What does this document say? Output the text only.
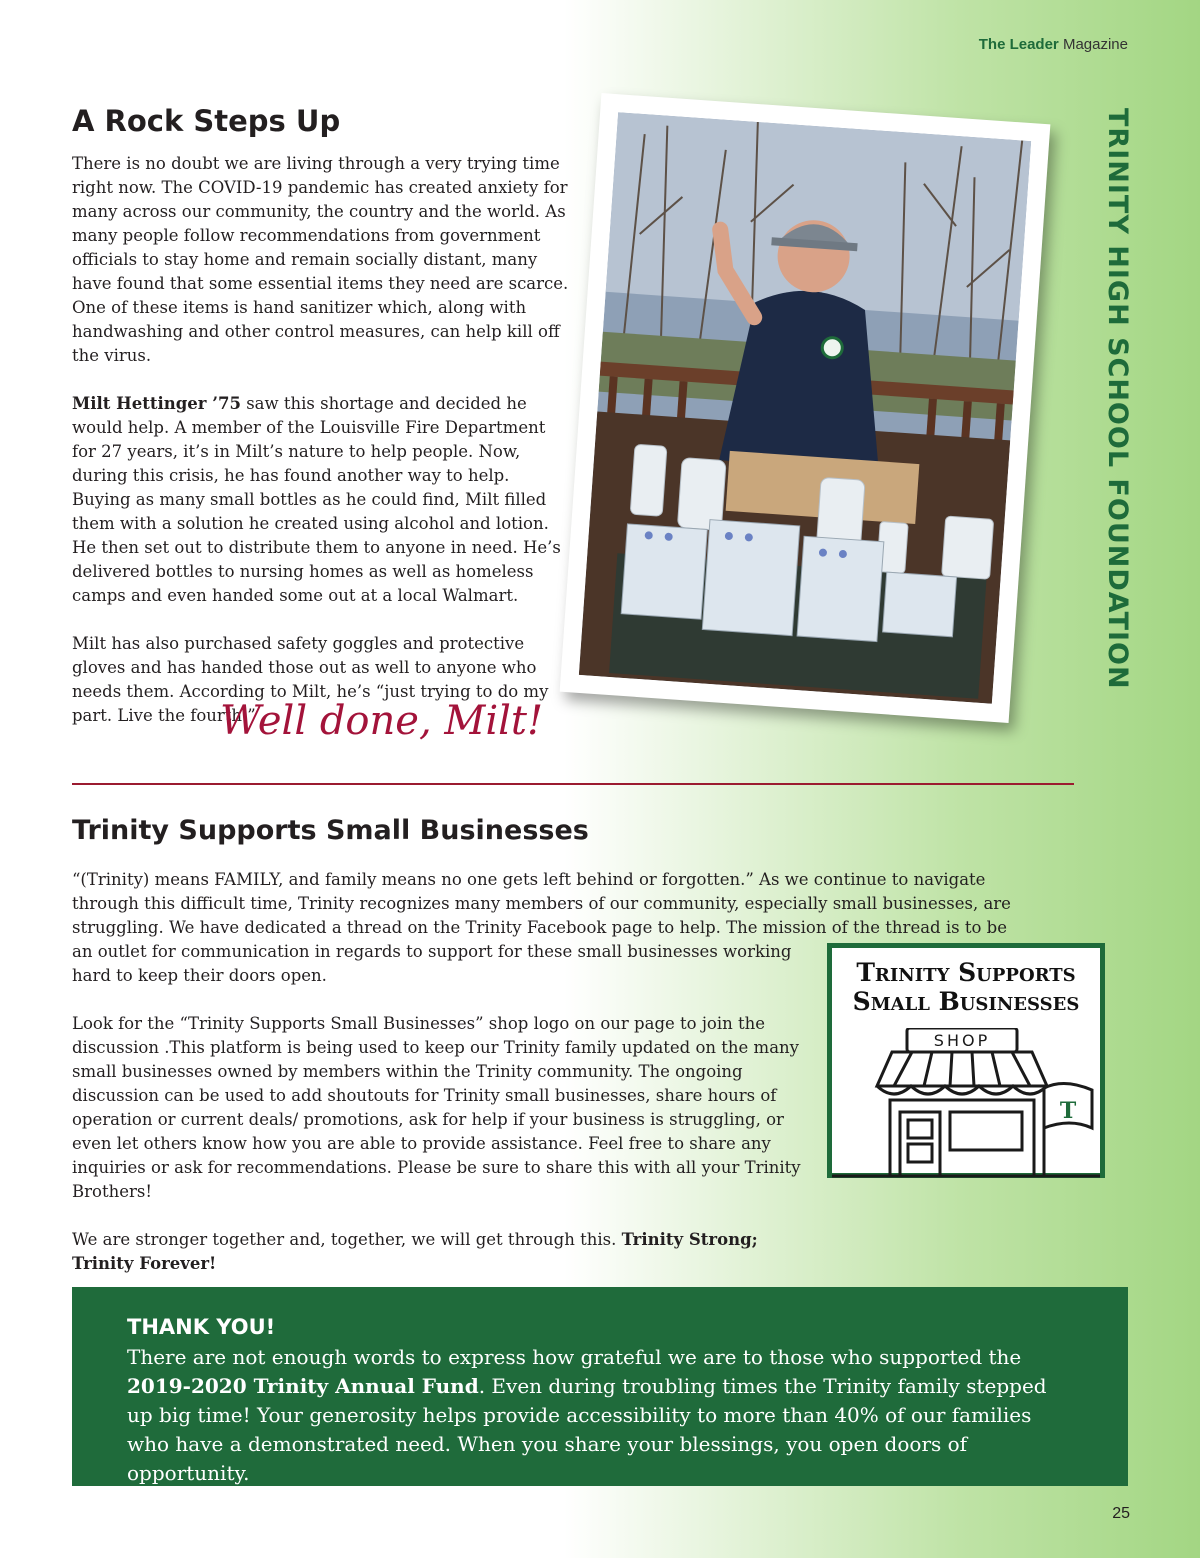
The Leader Magazine
TRINITY HIGH SCHOOL FOUNDATION
A Rock Steps Up

There is no doubt we are living through a very trying time right now. The COVID-19 pandemic has created anxiety for many across our community, the country and the world. As many people follow recommendations from government officials to stay home and remain socially distant, many have found that some essential items they need are scarce. One of these items is hand sanitizer which, along with handwashing and other control measures, can help kill off the virus.

Milt Hettinger ’75 saw this shortage and decided he would help. A member of the Louisville Fire Department for 27 years, it’s in Milt’s nature to help people. Now, during this crisis, he has found another way to help. Buying as many small bottles as he could find, Milt filled them with a solution he created using alcohol and lotion. He then set out to distribute them to anyone in need. He’s delivered bottles to nursing homes as well as homeless camps and even handed some out at a local Walmart.

Milt has also purchased safety goggles and protective gloves and has handed those out as well to anyone who needs them. According to Milt, he’s “just trying to do my part. Live the fourth.”

Well done, Milt!
Trinity Supports Small Businesses
“(Trinity) means FAMILY, and family means no one gets left behind or forgotten.” As we continue to navigate through this difficult time, Trinity recognizes many members of our community, especially small businesses, are struggling. We have dedicated a thread on the Trinity Facebook page to help. The mission of the thread is to be

an outlet for communication in regards to support for these small businesses working hard to keep their doors open.

Look for the “Trinity Supports Small Businesses” shop logo on our page to join the discussion .This platform is being used to keep our Trinity family updated on the many small businesses owned by members within the Trinity community. The ongoing discussion can be used to add shoutouts for Trinity small businesses, share hours of operation or current deals/ promotions, ask for help if your business is struggling, or even let others know how you are able to provide assistance. Feel free to share any inquiries or ask for recommendations. Please be sure to share this with all your Trinity Brothers!

We are stronger together and, together, we will get through this. Trinity Strong; Trinity Forever!

Trinity Supports
Small Businesses
SHOP
T
THANK YOU!
There are not enough words to express how grateful we are to those who supported the 2019-2020 Trinity Annual Fund. Even during troubling times the Trinity family stepped up big time! Your generosity helps provide accessibility to more than 40% of our families who have a demonstrated need. When you share your blessings, you open doors of opportunity.
25
